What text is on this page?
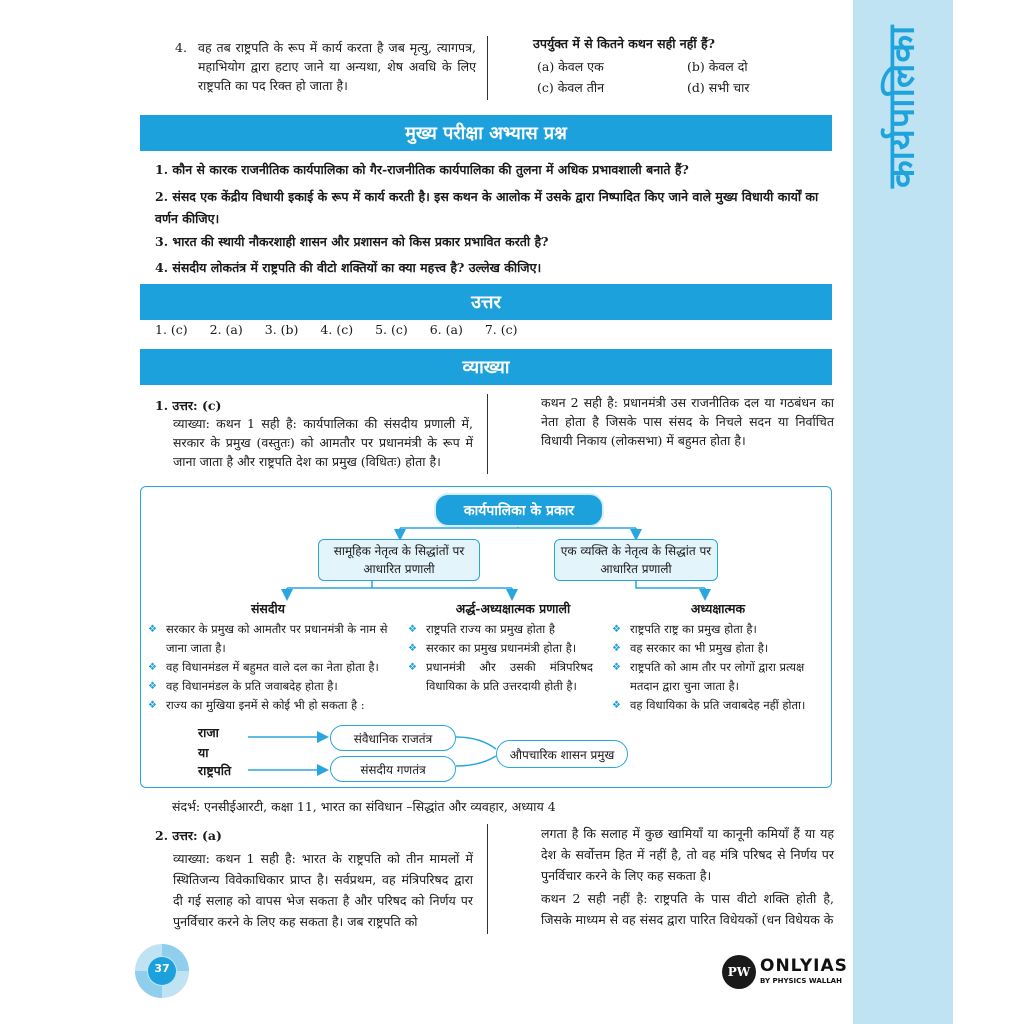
कार्यपालिका
4. वह तब राष्ट्रपति के रूप में कार्य करता है जब मृत्यु, त्यागपत्र, महाभियोग द्वारा हटाए जाने या अन्यथा, शेष अवधि के लिए राष्ट्रपति का पद रिक्त हो जाता है।
उपर्युक्त में से कितने कथन सही नहीं हैं?
(a) केवल एक	(b) केवल दो
(c) केवल तीन	(d) सभी चार
मुख्य परीक्षा अभ्यास प्रश्न
1. कौन से कारक राजनीतिक कार्यपालिका को गैर-राजनीतिक कार्यपालिका की तुलना में अधिक प्रभावशाली बनाते हैं?
2. संसद एक केंद्रीय विधायी इकाई के रूप में कार्य करती है। इस कथन के आलोक में उसके द्वारा निष्पादित किए जाने वाले मुख्य विधायी कार्यों का वर्णन कीजिए।
3. भारत की स्थायी नौकरशाही शासन और प्रशासन को किस प्रकार प्रभावित करती है?
4. संसदीय लोकतंत्र में राष्ट्रपति की वीटो शक्तियों का क्या महत्त्व है? उल्लेख कीजिए।
उत्तर
1. (c) 2. (a) 3. (b) 4. (c) 5. (c) 6. (a) 7. (c)
व्याख्या
1. उत्तर: (c)
व्याख्या: कथन 1 सही है: कार्यपालिका की संसदीय प्रणाली में, सरकार के प्रमुख (वस्तुतः) को आमतौर पर प्रधानमंत्री के रूप में जाना जाता है और राष्ट्रपति देश का प्रमुख (विधितः) होता है।
कथन 2 सही है: प्रधानमंत्री उस राजनीतिक दल या गठबंधन का नेता होता है जिसके पास संसद के निचले सदन या निर्वाचित विधायी निकाय (लोकसभा) में बहुमत होता है।
कार्यपालिका के प्रकार
सामूहिक नेतृत्व के सिद्धांतों पर आधारित प्रणाली
एक व्यक्ति के नेतृत्व के सिद्धांत पर आधारित प्रणाली
संसदीय	अर्द्ध-अध्यक्षात्मक प्रणाली	अध्यक्षात्मक
❖ सरकार के प्रमुख को आमतौर पर प्रधानमंत्री के नाम से जाना जाता है।
❖ वह विधानमंडल में बहुमत वाले दल का नेता होता है।
❖ वह विधानमंडल के प्रति जवाबदेह होता है।
❖ राज्य का मुखिया इनमें से कोई भी हो सकता है :
❖ राष्ट्रपति राज्य का प्रमुख होता है
❖ सरकार का प्रमुख प्रधानमंत्री होता है।
❖ प्रधानमंत्री और उसकी मंत्रिपरिषद विधायिका के प्रति उत्तरदायी होती है।
❖ राष्ट्रपति राष्ट्र का प्रमुख होता है।
❖ वह सरकार का भी प्रमुख होता है।
❖ राष्ट्रपति को आम तौर पर लोगों द्वारा प्रत्यक्ष मतदान द्वारा चुना जाता है।
❖ वह विधायिका के प्रति जवाबदेह नहीं होता।
राजा
या
राष्ट्रपति
संवैधानिक राजतंत्र
संसदीय गणतंत्र
औपचारिक शासन प्रमुख
संदर्भ: एनसीईआरटी, कक्षा 11, भारत का संविधान –सिद्धांत और व्यवहार, अध्याय 4
2. उत्तर: (a)
व्याख्या: कथन 1 सही है: भारत के राष्ट्रपति को तीन मामलों में स्थितिजन्य विवेकाधिकार प्राप्त है। सर्वप्रथम, वह मंत्रिपरिषद द्वारा दी गई सलाह को वापस भेज सकता है और परिषद को निर्णय पर पुनर्विचार करने के लिए कह सकता है। जब राष्ट्रपति को
लगता है कि सलाह में कुछ खामियाँ या कानूनी कमियाँ हैं या यह देश के सर्वोत्तम हित में नहीं है, तो वह मंत्रि परिषद से निर्णय पर पुनर्विचार करने के लिए कह सकता है।
कथन 2 सही नहीं है: राष्ट्रपति के पास वीटो शक्ति होती है, जिसके माध्यम से वह संसद द्वारा पारित विधेयकों (धन विधेयक के
37	PW ONLYIAS
BY PHYSICS WALLAH
